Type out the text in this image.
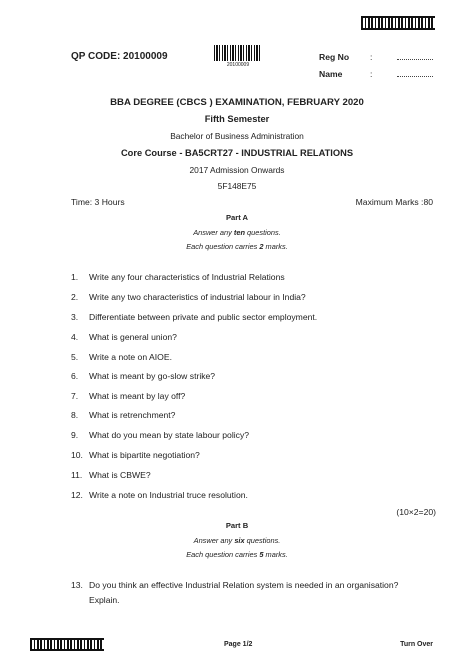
QP CODE: 20100009
20100009
Reg No :
Name	:
BBA DEGREE (CBCS ) EXAMINATION, FEBRUARY 2020
Fifth Semester
Bachelor of Business Administration
Core Course - BA5CRT27 - INDUSTRIAL RELATIONS
2017 Admission Onwards
5F148E75
Time: 3 Hours	Maximum Marks :80
Part A
Answer any ten questions.
Each question carries 2 marks.
1.	Write any four characteristics of Industrial Relations
2.	Write any two characteristics of industrial labour in India?
3.	Differentiate between private and public sector employment.
4.	What is general union?
5.	Write a note on AIOE.
6.	What is meant by go-slow strike?
7.	What is meant by lay off?
8.	What is retrenchment?
9.	What do you mean by state labour policy?
10. What is bipartite negotiation?
11. What is CBWE?
12. Write a note on Industrial truce resolution.
(10×2=20)
Part B
Answer any six questions.
Each question carries 5 marks.
13. Do you think an effective Industrial Relation system is needed in an organisation?
Explain.
Page 1/2	Turn Over
